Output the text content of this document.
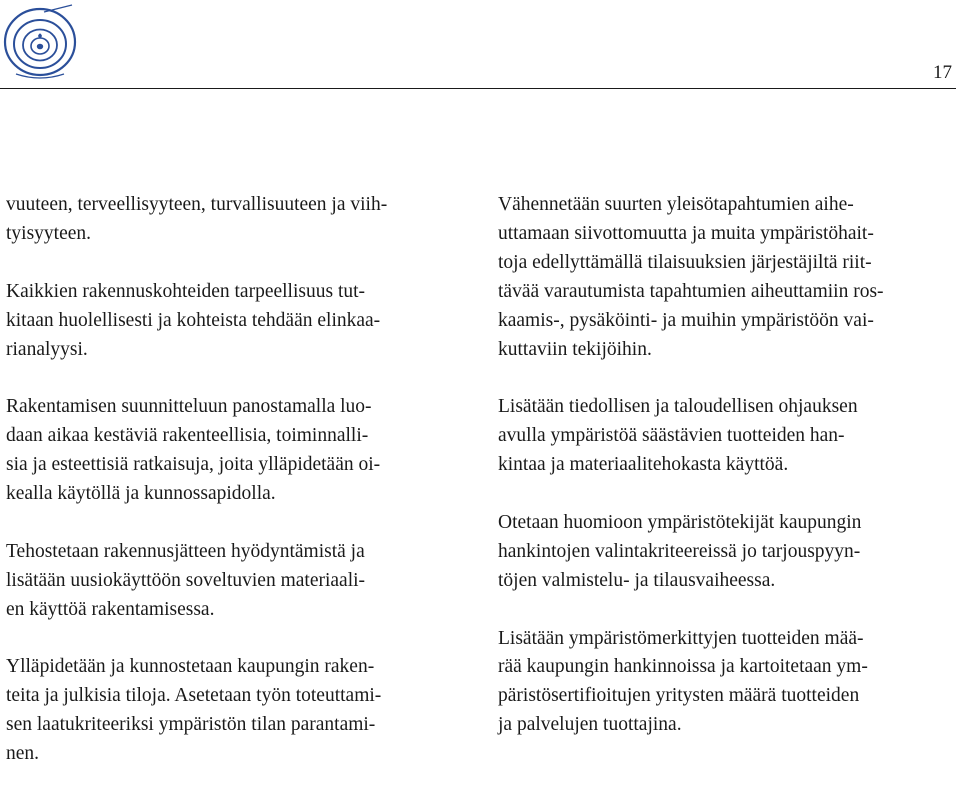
17

vuuteen, terveellisyyteen, turvallisuuteen ja viih-
tyisyyteen.

Kaikkien rakennuskohteiden tarpeellisuus tut-
kitaan huolellisesti ja kohteista tehdään elinkaa-
rianalyysi.

Rakentamisen suunnitteluun panostamalla luo-
daan aikaa kestäviä rakenteellisia, toiminnalli-
sia ja esteettisiä ratkaisuja, joita ylläpidetään oi-
kealla käytöllä ja kunnossapidolla.

Tehostetaan rakennusjätteen hyödyntämistä ja
lisätään uusiokäyttöön soveltuvien materiaali-
en käyttöä rakentamisessa.

Ylläpidetään ja kunnostetaan kaupungin raken-
teita ja julkisia tiloja. Asetetaan työn toteuttami-
sen laatukriteeriksi ympäristön tilan parantami-
nen.

Vähennetään suurten yleisötapahtumien aihe-
uttamaan siivottomuutta ja muita ympäristöhait-
toja edellyttämällä tilaisuuksien järjestäjiltä riit-
tävää varautumista tapahtumien aiheuttamiin ros-
kaamis-, pysäköinti- ja muihin ympäristöön vai-
kuttaviin tekijöihin.

Lisätään tiedollisen ja taloudellisen ohjauksen
avulla ympäristöä säästävien tuotteiden han-
kintaa ja materiaalitehokasta käyttöä.

Otetaan huomioon ympäristötekijät kaupungin
hankintojen valintakriteereissä jo tarjouspyyn-
töjen valmistelu- ja tilausvaiheessa.

Lisätään ympäristömerkittyjen tuotteiden mää-
rää kaupungin hankinnoissa ja kartoitetaan ym-
päristösertifioitujen yritysten määrä tuotteiden
ja palvelujen tuottajina.
